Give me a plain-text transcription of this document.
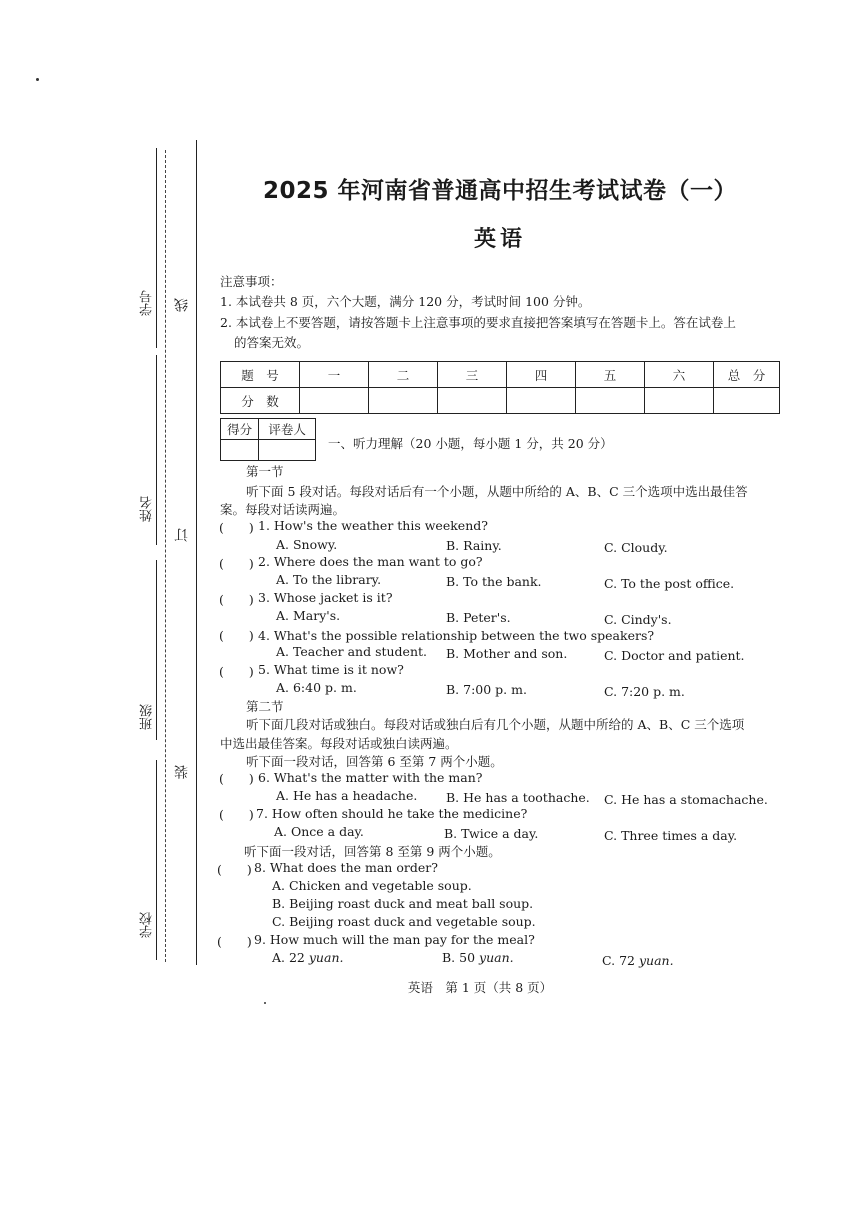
学号
姓名
班级
学校
线
订
装
2025 年河南省普通高中招生考试试卷（一）
英语
注意事项：
1. 本试卷共 8 页，六个大题，满分 120 分，考试时间 100 分钟。
2. 本试卷上不要答题，请按答题卡上注意事项的要求直接把答案填写在答题卡上。答在试卷上
的答案无效。
题　号	一	二	三	四	五	六	总　分
分　数							
得分	评卷人

一、听力理解（20 小题，每小题 1 分，共 20 分）
第一节
听下面 5 段对话。每段对话后有一个小题，从题中所给的 A、B、C 三个选项中选出最佳答
案。每段对话读两遍。
(　　) 1. How's the weather this weekend?
A. Snowy.	B. Rainy.	C. Cloudy.
(　　) 2. Where does the man want to go?
A. To the library.	B. To the bank.	C. To the post office.
(　　) 3. Whose jacket is it?
A. Mary's.	B. Peter's.	C. Cindy's.
(　　) 4. What's the possible relationship between the two speakers?
A. Teacher and student. B. Mother and son.	C. Doctor and patient.
(　　) 5. What time is it now?
A. 6:40 p. m.	B. 7:00 p. m.	C. 7:20 p. m.
第二节
听下面几段对话或独白。每段对话或独白后有几个小题，从题中所给的 A、B、C 三个选项
中选出最佳答案。每段对话或独白读两遍。
听下面一段对话，回答第 6 至第 7 两个小题。
(　　) 6. What's the matter with the man?
A. He has a headache. B. He has a toothache. C. He has a stomachache.
(　　) 7. How often should he take the medicine?
A. Once a day.	B. Twice a day.	C. Three times a day.
听下面一段对话，回答第 8 至第 9 两个小题。
(　　) 8. What does the man order?
A. Chicken and vegetable soup.
B. Beijing roast duck and meat ball soup.
C. Beijing roast duck and vegetable soup.
(　　) 9. How much will the man pay for the meal?
A. 22 yuan.	B. 50 yuan.	C. 72 yuan.
英语　第 1 页（共 8 页）
